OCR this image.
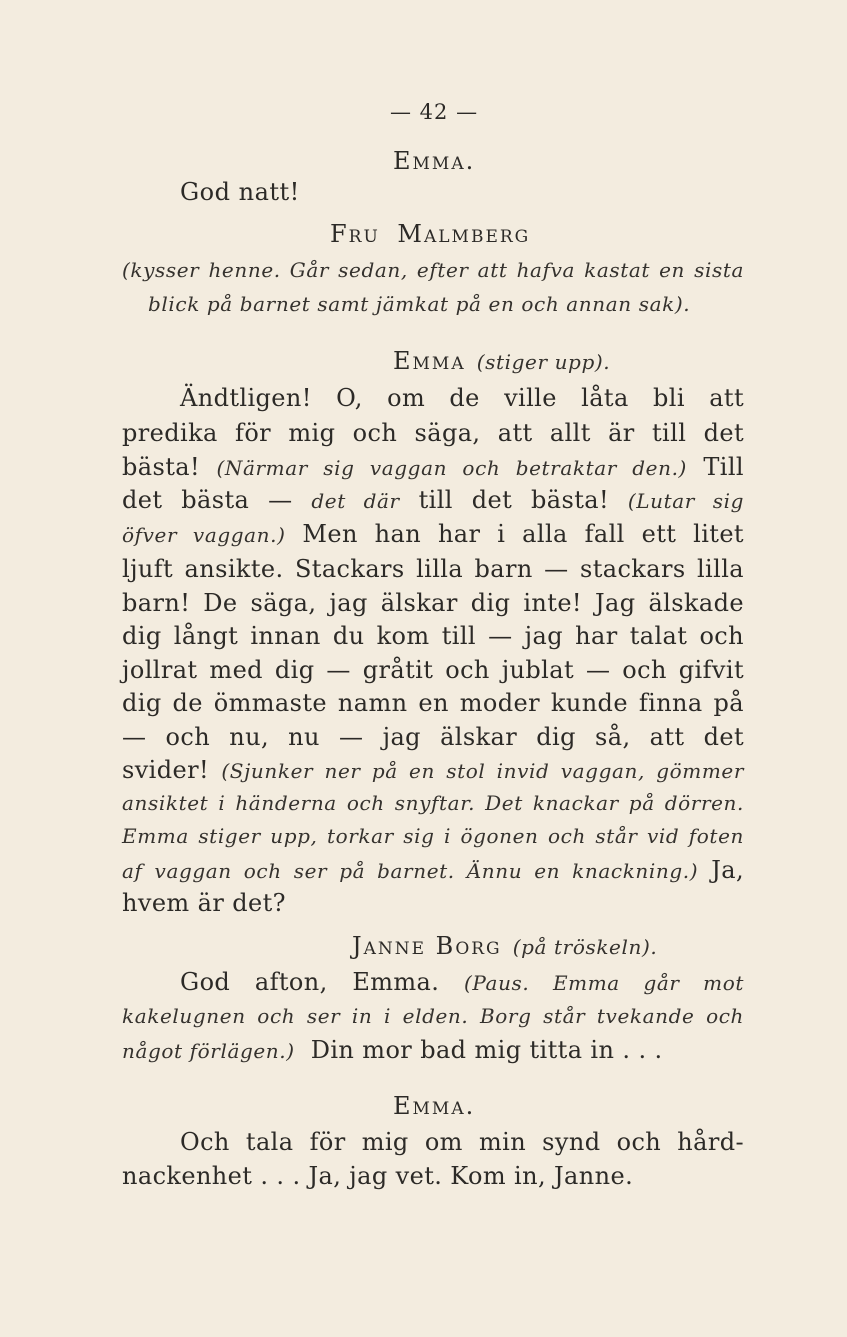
— 42 —
Emma.
God natt!
Fru Malmberg
(kysser henne. Går sedan, efter att hafva kastat en sista
blick på barnet samt jämkat på en och annan sak).
Emma (stiger upp).
Ändtligen! O, om de ville låta bli att
predika för mig och säga, att allt är till det
bästa! (Närmar sig vaggan och betraktar den.) Till
det bästa — det där till det bästa! (Lutar sig
öfver vaggan.) Men han har i alla fall ett litet
ljuft ansikte. Stackars lilla barn — stackars lilla
barn! De säga, jag älskar dig inte! Jag älskade
dig långt innan du kom till — jag har talat och
jollrat med dig — gråtit och jublat — och gifvit
dig de ömmaste namn en moder kunde finna på
— och nu, nu — jag älskar dig så, att det
svider! (Sjunker ner på en stol invid vaggan, gömmer
ansiktet i händerna och snyftar. Det knackar på dörren.
Emma stiger upp, torkar sig i ögonen och står vid foten
af vaggan och ser på barnet. Ännu en knackning.) Ja,
hvem är det?
Janne Borg (på tröskeln).
God afton, Emma. (Paus. Emma går mot
kakelugnen och ser in i elden. Borg står tvekande och
något förlägen.) Din mor bad mig titta in . . .
Emma.
Och tala för mig om min synd och hård-
nackenhet . . . Ja, jag vet. Kom in, Janne.
